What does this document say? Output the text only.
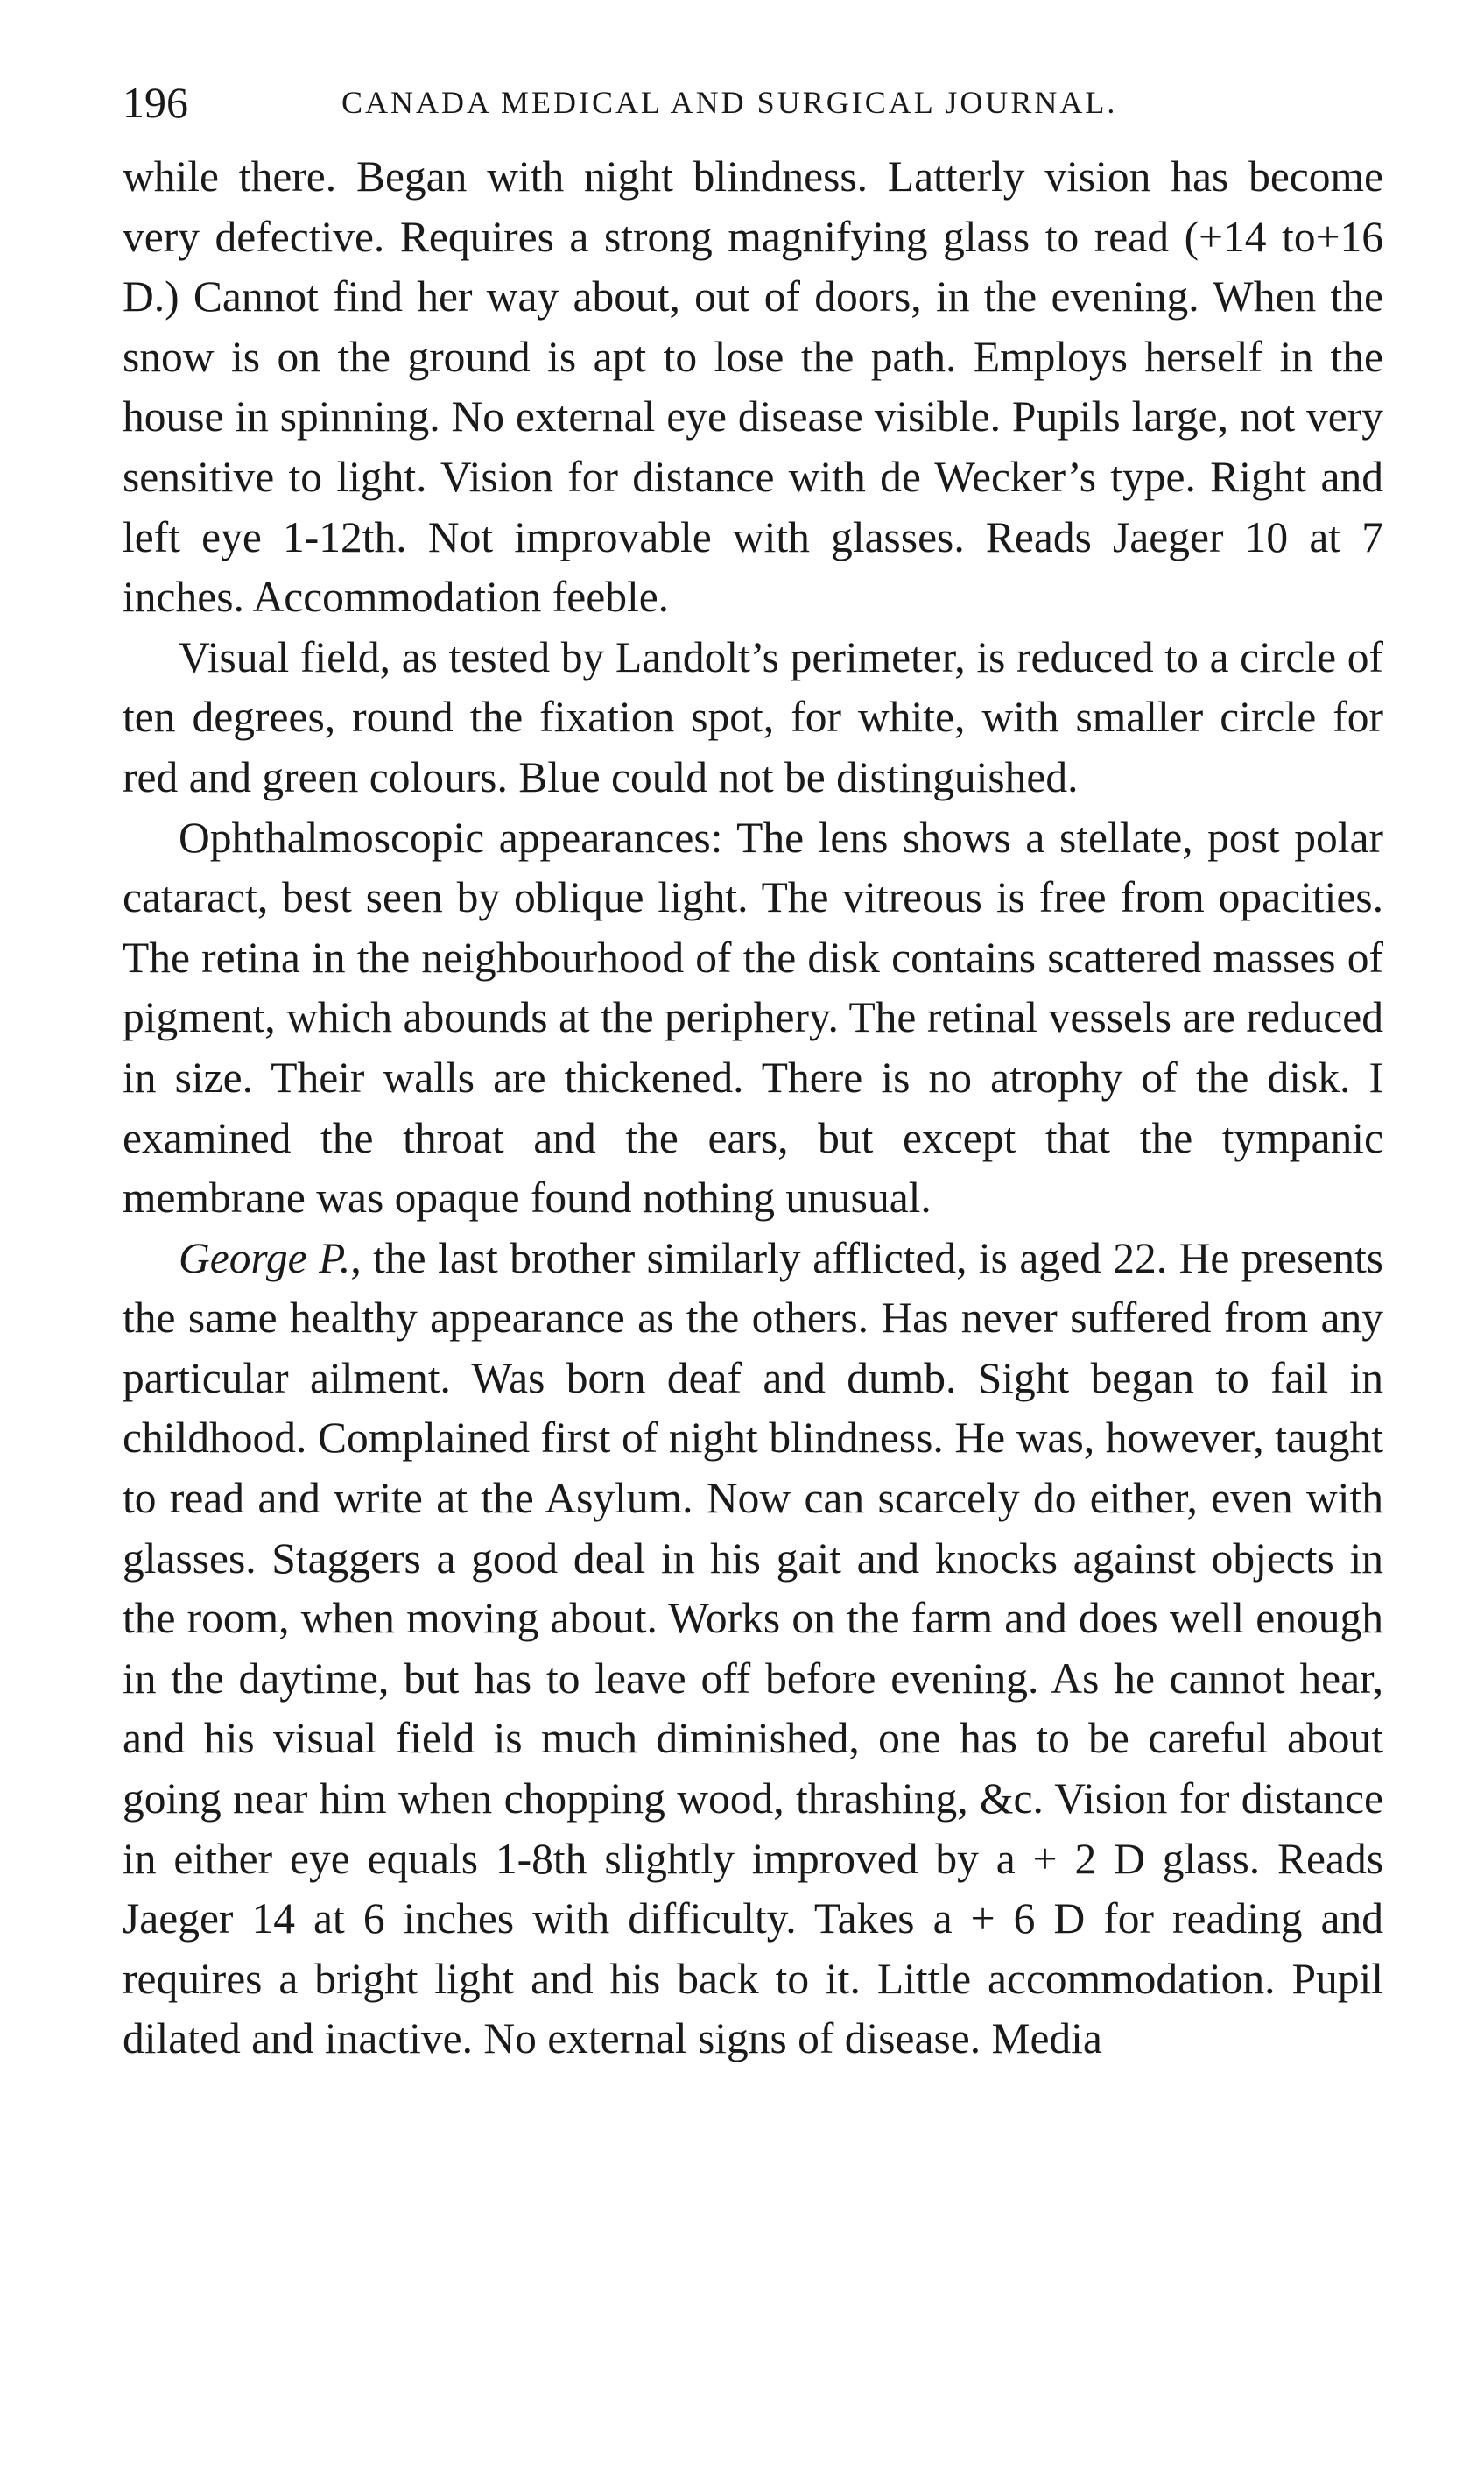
196	CANADA MEDICAL AND SURGICAL JOURNAL.

while there. Began with night blindness. Latterly vision has become very defective. Requires a strong magnifying glass to read (+14 to+16 D.) Cannot find her way about, out of doors, in the evening. When the snow is on the ground is apt to lose the path. Employs herself in the house in spinning. No external eye disease visible. Pupils large, not very sensitive to light. Vision for distance with de Wecker’s type. Right and left eye 1-12th. Not improvable with glasses. Reads Jaeger 10 at 7 inches. Accommodation feeble.

Visual field, as tested by Landolt’s perimeter, is reduced to a circle of ten degrees, round the fixation spot, for white, with smaller circle for red and green colours. Blue could not be distinguished.

Ophthalmoscopic appearances: The lens shows a stellate, post polar cataract, best seen by oblique light. The vitreous is free from opacities. The retina in the neighbourhood of the disk contains scattered masses of pigment, which abounds at the periphery. The retinal vessels are reduced in size. Their walls are thickened. There is no atrophy of the disk. I examined the throat and the ears, but except that the tympanic membrane was opaque found nothing unusual.

George P., the last brother similarly afflicted, is aged 22. He presents the same healthy appearance as the others. Has never suffered from any particular ailment. Was born deaf and dumb. Sight began to fail in childhood. Complained first of night blindness. He was, however, taught to read and write at the Asylum. Now can scarcely do either, even with glasses. Staggers a good deal in his gait and knocks against objects in the room, when moving about. Works on the farm and does well enough in the daytime, but has to leave off before evening. As he cannot hear, and his visual field is much diminished, one has to be careful about going near him when chopping wood, thrashing, &c. Vision for distance in either eye equals 1-8th slightly improved by a + 2 D glass. Reads Jaeger 14 at 6 inches with difficulty. Takes a + 6 D for reading and requires a bright light and his back to it. Little accommodation. Pupil dilated and inactive. No external signs of disease. Media
